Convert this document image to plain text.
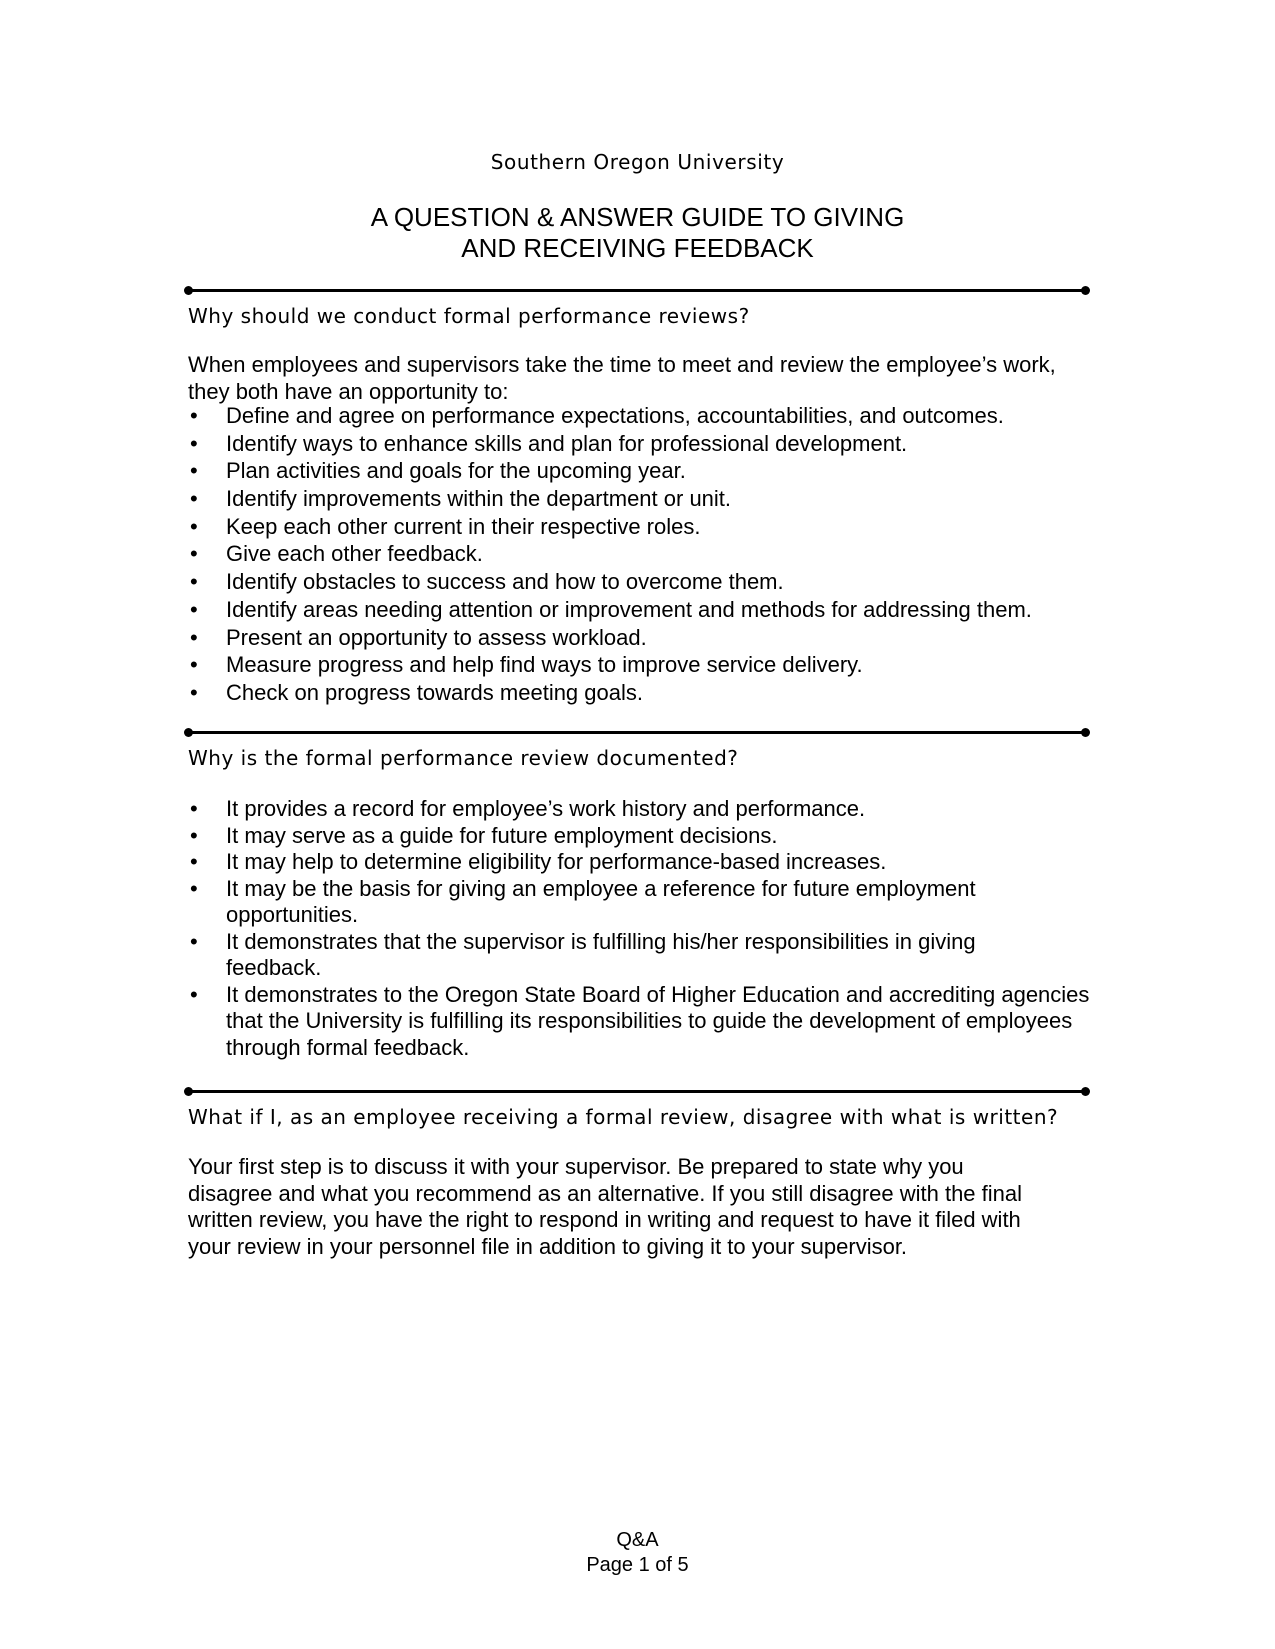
Southern Oregon University
A QUESTION & ANSWER GUIDE TO GIVING
AND RECEIVING FEEDBACK
Why should we conduct formal performance reviews?

When employees and supervisors take the time to meet and review the employee’s work, they both have an opportunity to:

• Define and agree on performance expectations, accountabilities, and outcomes.
• Identify ways to enhance skills and plan for professional development.
• Plan activities and goals for the upcoming year.
• Identify improvements within the department or unit.
• Keep each other current in their respective roles.
• Give each other feedback.
• Identify obstacles to success and how to overcome them.
• Identify areas needing attention or improvement and methods for addressing them.
• Present an opportunity to assess workload.
• Measure progress and help find ways to improve service delivery.
• Check on progress towards meeting goals.
Why is the formal performance review documented?
• It provides a record for employee’s work history and performance.
• It may serve as a guide for future employment decisions.
• It may help to determine eligibility for performance-based increases.
• It may be the basis for giving an employee a reference for future employment opportunities.
• It demonstrates that the supervisor is fulfilling his/her responsibilities in giving feedback.
• It demonstrates to the Oregon State Board of Higher Education and accrediting agencies that the University is fulfilling its responsibilities to guide the development of employees through formal feedback.
What if I, as an employee receiving a formal review, disagree with what is written?

Your first step is to discuss it with your supervisor. Be prepared to state why you disagree and what you recommend as an alternative. If you still disagree with the final written review, you have the right to respond in writing and request to have it filed with your review in your personnel file in addition to giving it to your supervisor.

Q&A
Page 1 of 5
